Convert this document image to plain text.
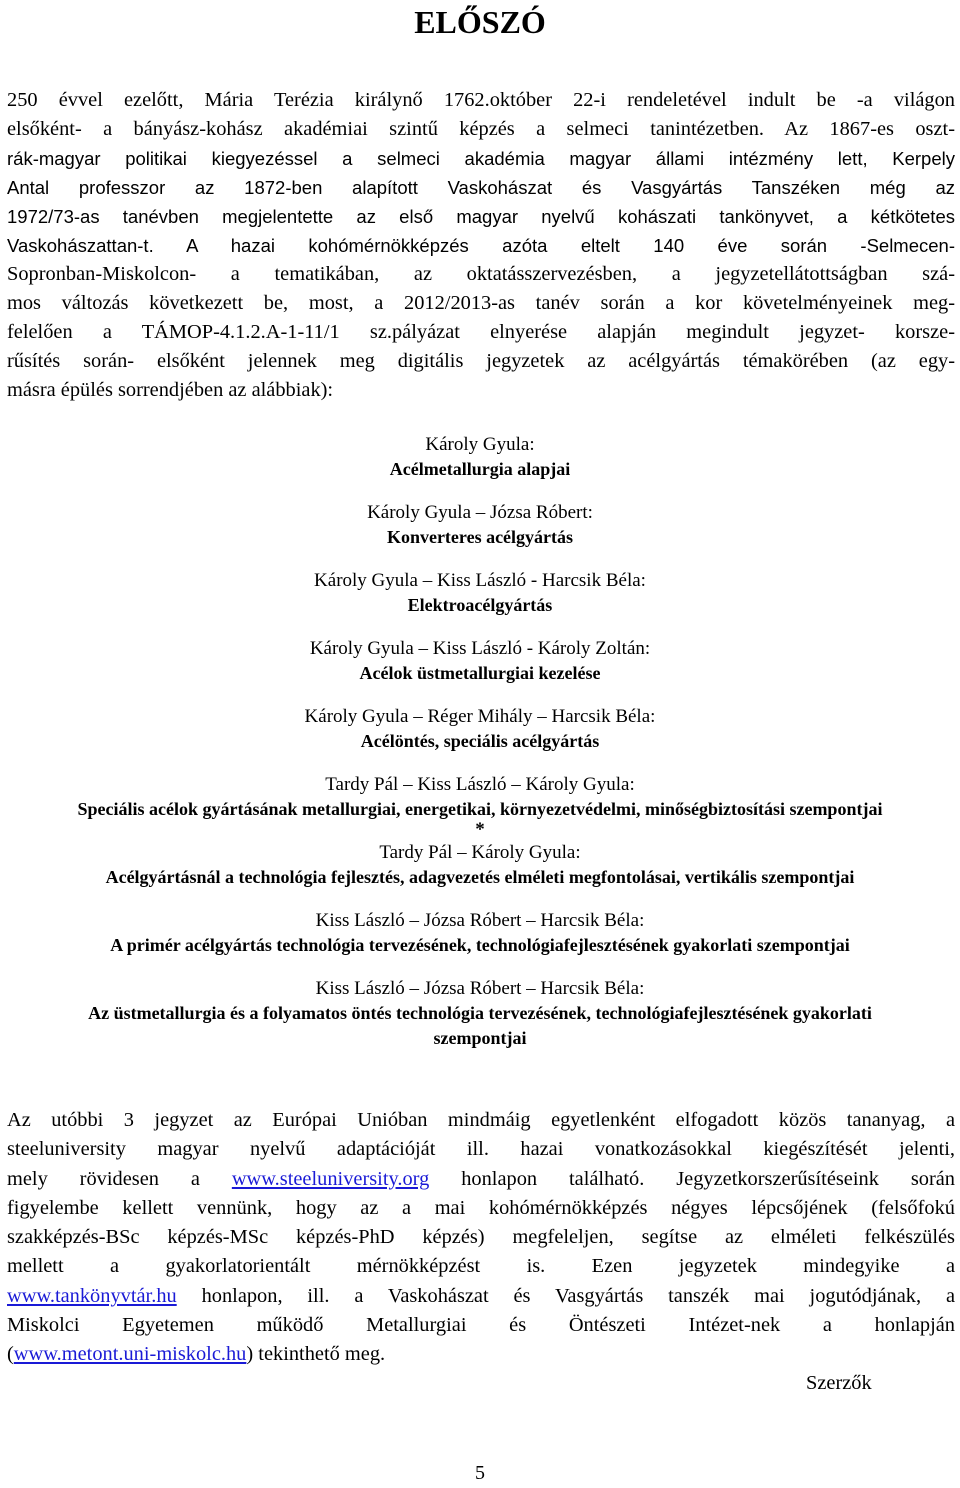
ELŐSZÓ
250 évvel ezelőtt, Mária Terézia királynő 1762.október 22-i rendeletével indult be -a világon
elsőként- a bányász-kohász akadémiai szintű képzés a selmeci tanintézetben. Az 1867-es oszt-
rák-magyar politikai kiegyezéssel a selmeci akadémia magyar állami intézmény lett, Kerpely
Antal professzor az 1872-ben alapított Vaskohászat és Vasgyártás Tanszéken még az
1972/73-as tanévben megjelentette az első magyar nyelvű kohászati tankönyvet, a kétkötetes
Vaskohászattan-t. A hazai kohómérnökképzés azóta eltelt 140 éve során -Selmecen-
Sopronban-Miskolcon- a tematikában, az oktatásszervezésben, a jegyzetellátottságban szá-
mos változás következett be, most, a 2012/2013-as tanév során a kor követelményeinek meg-
felelően a TÁMOP-4.1.2.A-1-11/1 sz.pályázat elnyerése alapján megindult jegyzet- korsze-
rűsítés során- elsőként jelennek meg digitális jegyzetek az acélgyártás témakörében (az egy-
másra épülés sorrendjében az alábbiak):
Károly Gyula:
Acélmetallurgia alapjai
Károly Gyula – Józsa Róbert:
Konverteres acélgyártás
Károly Gyula – Kiss László - Harcsik Béla:
Elektroacélgyártás
Károly Gyula – Kiss László - Károly Zoltán:
Acélok üstmetallurgiai kezelése
Károly Gyula – Réger Mihály – Harcsik Béla:
Acélöntés, speciális acélgyártás
Tardy Pál – Kiss László – Károly Gyula:
Speciális acélok gyártásának metallurgiai, energetikai, környezetvédelmi, minőségbiztosítási szempontjai
*
Tardy Pál – Károly Gyula:
Acélgyártásnál a technológia fejlesztés, adagvezetés elméleti megfontolásai, vertikális szempontjai
Kiss László – Józsa Róbert – Harcsik Béla:
A primér acélgyártás technológia tervezésének, technológiafejlesztésének gyakorlati szempontjai
Kiss László – Józsa Róbert – Harcsik Béla:
Az üstmetallurgia és a folyamatos öntés technológia tervezésének, technológiafejlesztésének gyakorlati szempontjai
Az utóbbi 3 jegyzet az Európai Unióban mindmáig egyetlenként elfogadott közös tananyag, a
steeluniversity magyar nyelvű adaptációját ill. hazai vonatkozásokkal kiegészítését jelenti,
mely rövidesen a www.steeluniversity.org honlapon található. Jegyzetkorszerűsítéseink során
figyelembe kellett vennünk, hogy az a mai kohómérnökképzés négyes lépcsőjének (felsőfokú
szakképzés-BSc képzés-MSc képzés-PhD képzés) megfeleljen, segítse az elméleti felkészülés
mellett a gyakorlatorientált mérnökképzést is. Ezen jegyzetek mindegyike a
www.tankönyvtár.hu honlapon, ill. a Vaskohászat és Vasgyártás tanszék mai jogutódjának, a
Miskolci Egyetemen működő Metallurgiai és Öntészeti Intézet-nek a honlapján
(www.metont.uni-miskolc.hu) tekinthető meg.
Szerzők
5
